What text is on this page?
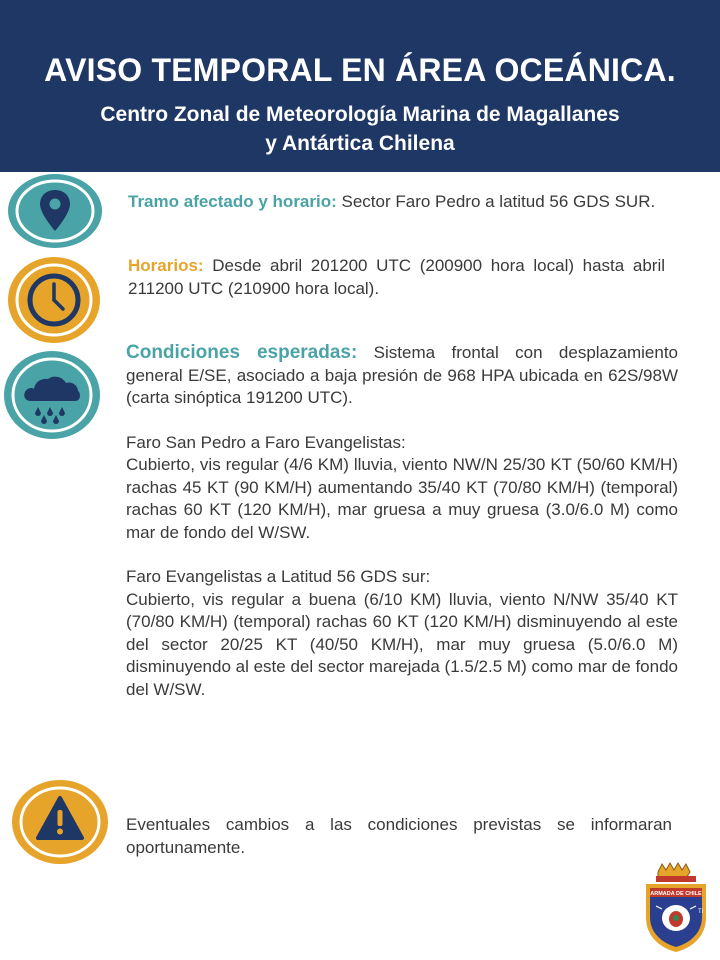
AVISO TEMPORAL EN ÁREA OCEÁNICA.
Centro Zonal de Meteorología Marina de Magallanes
y Antártica Chilena
Tramo afectado y horario: Sector Faro Pedro a latitud 56 GDS SUR.
Horarios: Desde abril 201200 UTC (200900 hora local) hasta abril 211200 UTC (210900 hora local).

Condiciones esperadas: Sistema frontal con desplazamiento general E/SE, asociado a baja presión de 968 HPA ubicada en 62S/98W (carta sinóptica 191200 UTC).

Faro San Pedro a Faro Evangelistas:

Cubierto, vis regular (4/6 KM) lluvia, viento NW/N 25/30 KT (50/60 KM/H) rachas 45 KT (90 KM/H) aumentando 35/40 KT (70/80 KM/H) (temporal) rachas 60 KT (120 KM/H), mar gruesa a muy gruesa (3.0/6.0 M) como mar de fondo del W/SW.

Faro Evangelistas a Latitud 56 GDS sur:

Cubierto, vis regular a buena (6/10 KM) lluvia, viento N/NW 35/40 KT (70/80 KM/H) (temporal) rachas 60 KT (120 KM/H) disminuyendo al este del sector 20/25 KT (40/50 KM/H), mar muy gruesa (5.0/6.0 M) disminuyendo al este del sector marejada (1.5/2.5 M) como mar de fondo del W/SW.

Eventuales cambios a las condiciones previstas se informaran oportunamente.
ARMADA DE CHILE
Tl
